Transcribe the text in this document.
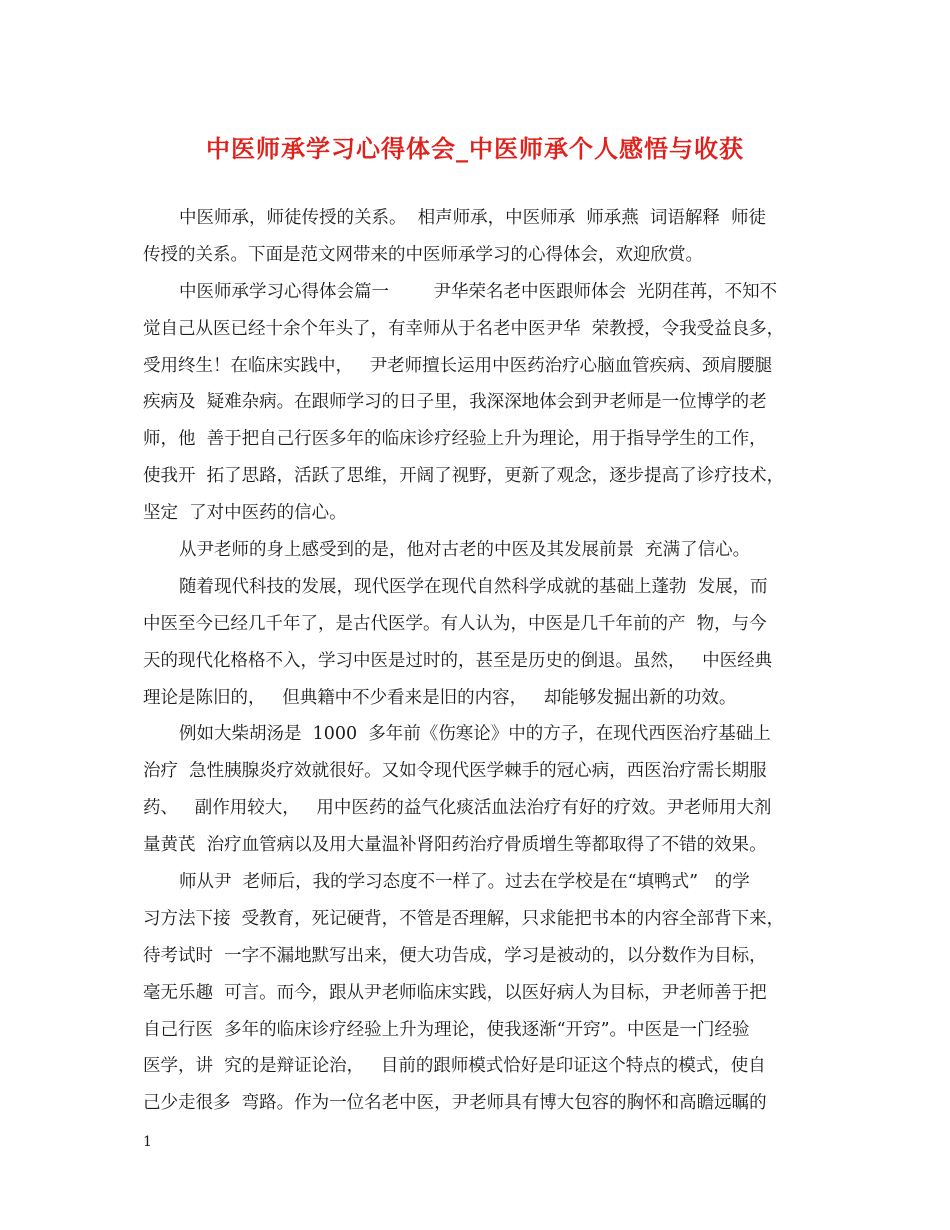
中医师承学习心得体会_中医师承个人感悟与收获
中医师承，师徒传授的关系。  相声师承，中医师承  师承燕  词语解释  师徒
传授的关系。下面是范文网带来的中医师承学习的心得体会，欢迎欣赏。
中医师承学习心得体会篇一        尹华荣名老中医跟师体会  光阴荏苒，不知不
觉自己从医已经十余个年头了，有幸师从于名老中医尹华  荣教授，令我受益良多，
受用终生！在临床实践中，   尹老师擅长运用中医药治疗心脑血管疾病、颈肩腰腿
疾病及  疑难杂病。在跟师学习的日子里，我深深地体会到尹老师是一位博学的老
师，他  善于把自己行医多年的临床诊疗经验上升为理论，用于指导学生的工作，
使我开  拓了思路，活跃了思维，开阔了视野，更新了观念，逐步提高了诊疗技术，
坚定  了对中医药的信心。
从尹老师的身上感受到的是，他对古老的中医及其发展前景  充满了信心。
随着现代科技的发展，现代医学在现代自然科学成就的基础上蓬勃  发展，而
中医至今已经几千年了，是古代医学。有人认为，中医是几千年前的产  物，与今
天的现代化格格不入，学习中医是过时的，甚至是历史的倒退。虽然，   中医经典
理论是陈旧的，   但典籍中不少看来是旧的内容，   却能够发掘出新的功效。
例如大柴胡汤是  1000  多年前《伤寒论》中的方子，在现代西医治疗基础上
治疗  急性胰腺炎疗效就很好。又如令现代医学棘手的冠心病，西医治疗需长期服
药、   副作用较大，   用中医药的益气化痰活血法治疗有好的疗效。尹老师用大剂
量黄芪  治疗血管病以及用大量温补肾阳药治疗骨质增生等都取得了不错的效果。
师从尹  老师后，我的学习态度不一样了。过去在学校是在“填鸭式”   的学
习方法下接  受教育，死记硬背，不管是否理解，只求能把书本的内容全部背下来，
待考试时  一字不漏地默写出来，便大功告成，学习是被动的，以分数作为目标，
毫无乐趣  可言。而今，跟从尹老师临床实践，以医好病人为目标，尹老师善于把
自己行医  多年的临床诊疗经验上升为理论，使我逐渐“开窍”。中医是一门经验
医学，讲  究的是辩证论治，   目前的跟师模式恰好是印证这个特点的模式，使自
己少走很多  弯路。作为一位名老中医，尹老师具有博大包容的胸怀和高瞻远瞩的
1
